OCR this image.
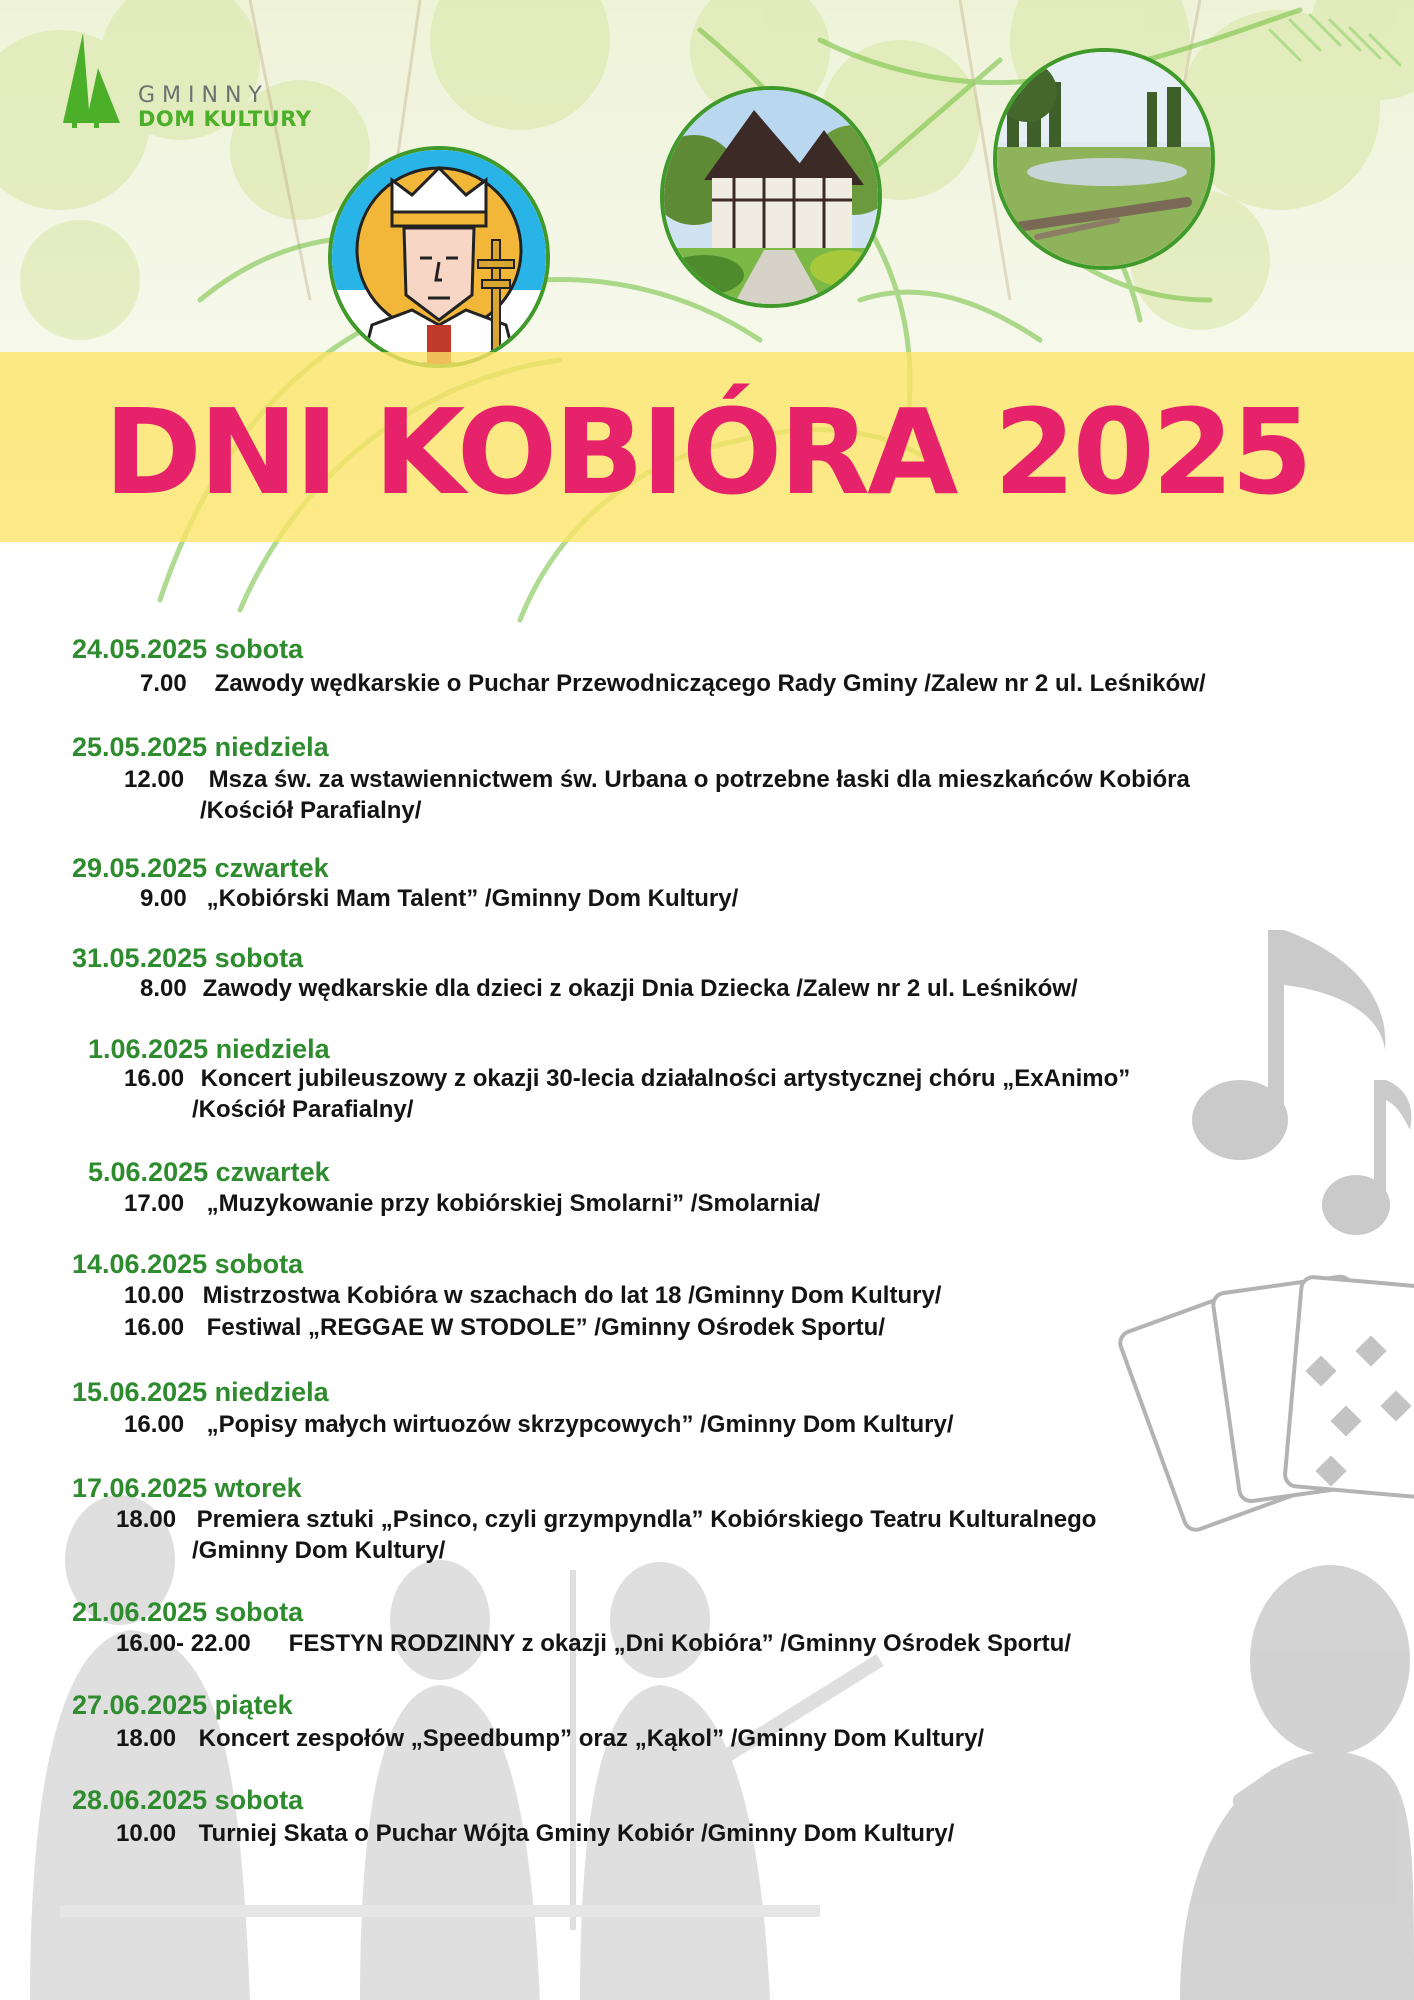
GMINNY
DOM KULTURY
DNI KOBIÓRA 2025
24.05.2025 sobota
7.00 Zawody wędkarskie o Puchar Przewodniczącego Rady Gminy /Zalew nr 2 ul. Leśników/
25.05.2025 niedziela
12.00 Msza św. za wstawiennictwem św. Urbana o potrzebne łaski dla mieszkańców Kobióra
/Kościół Parafialny/
29.05.2025 czwartek
9.00 „Kobiórski Mam Talent” /Gminny Dom Kultury/
31.05.2025 sobota
8.00 Zawody wędkarskie dla dzieci z okazji Dnia Dziecka /Zalew nr 2 ul. Leśników/
1.06.2025 niedziela
16.00 Koncert jubileuszowy z okazji 30-lecia działalności artystycznej chóru „ExAnimo”
/Kościół Parafialny/
5.06.2025 czwartek
17.00 „Muzykowanie przy kobiórskiej Smolarni” /Smolarnia/
14.06.2025 sobota
10.00 Mistrzostwa Kobióra w szachach do lat 18 /Gminny Dom Kultury/
16.00 Festiwal „REGGAE W STODOLE” /Gminny Ośrodek Sportu/
15.06.2025 niedziela
16.00 „Popisy małych wirtuozów skrzypcowych” /Gminny Dom Kultury/
17.06.2025 wtorek
18.00 Premiera sztuki „Psinco, czyli grzympyndla” Kobiórskiego Teatru Kulturalnego
/Gminny Dom Kultury/
21.06.2025 sobota
16.00- 22.00 FESTYN RODZINNY z okazji „Dni Kobióra” /Gminny Ośrodek Sportu/
27.06.2025 piątek
18.00 Koncert zespołów „Speedbump” oraz „Kąkol” /Gminny Dom Kultury/
28.06.2025 sobota
10.00 Turniej Skata o Puchar Wójta Gminy Kobiór /Gminny Dom Kultury/
